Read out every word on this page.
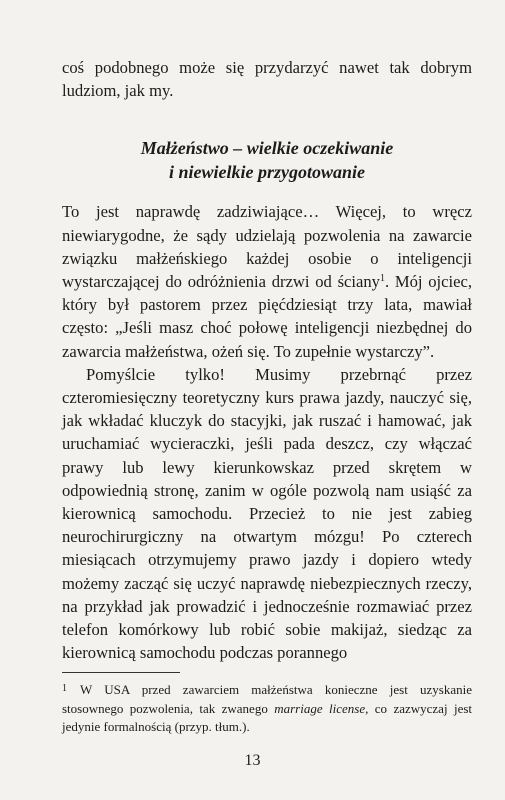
coś podobnego może się przydarzyć nawet tak dobrym ludziom, jak my.

Małżeństwo – wielkie oczekiwanie
i niewielkie przygotowanie

To jest naprawdę zadziwiające… Więcej, to wręcz niewiarygodne, że sądy udzielają pozwolenia na zawarcie związku małżeńskiego każdej osobie o inteligencji wystarczającej do odróżnienia drzwi od ściany$^1$. Mój ojciec, który był pastorem przez pięćdziesiąt trzy lata, mawiał często: „Jeśli masz choć połowę inteligencji niezbędnej do zawarcia małżeństwa, ożeń się. To zupełnie wystarczy”.

Pomyślcie tylko! Musimy przebrnąć przez czteromiesięczny teoretyczny kurs prawa jazdy, nauczyć się, jak wkładać kluczyk do stacyjki, jak ruszać i hamować, jak uruchamiać wycieraczki, jeśli pada deszcz, czy włączać prawy lub lewy kierunkowskaz przed skrętem w odpowiednią stronę, zanim w ogóle pozwolą nam usiąść za kierownicą samochodu. Przecież to nie jest zabieg neurochirurgiczny na otwartym mózgu! Po czterech miesiącach otrzymujemy prawo jazdy i dopiero wtedy możemy zacząć się uczyć naprawdę niebezpiecznych rzeczy, na przykład jak prowadzić i jednocześnie rozmawiać przez telefon komórkowy lub robić sobie makijaż, siedząc za kierownicą samochodu podczas porannego

1 W USA przed zawarciem małżeństwa konieczne jest uzyskanie stosownego pozwolenia, tak zwanego marriage license, co zazwyczaj jest jedynie formalnością (przyp. tłum.).
13
